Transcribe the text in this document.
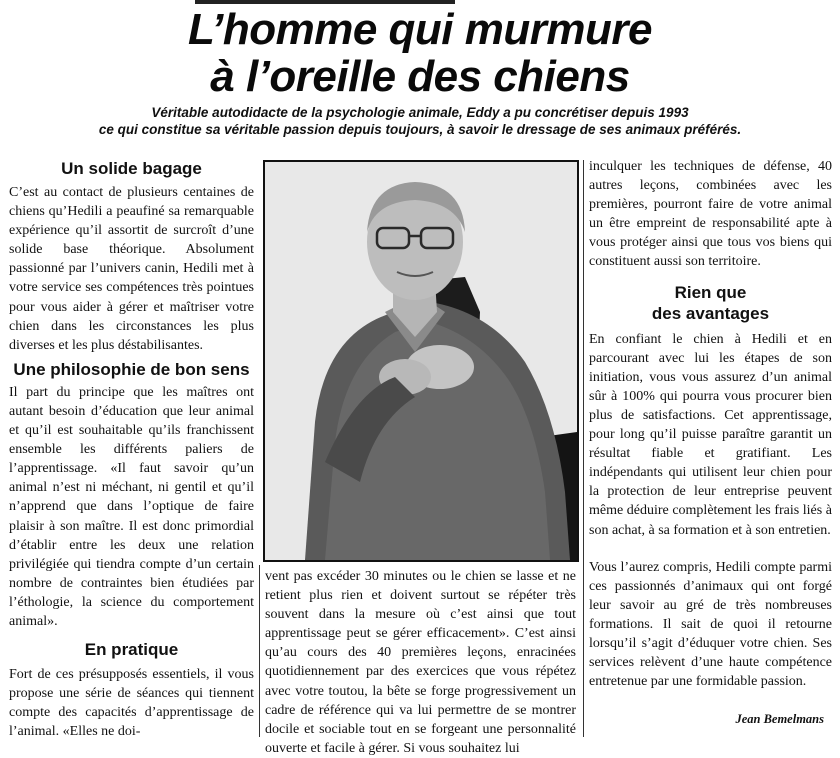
L’homme qui murmure
à l’oreille des chiens
Véritable autodidacte de la psychologie animale, Eddy a pu concrétiser depuis 1993
ce qui constitue sa véritable passion depuis toujours, à savoir le dressage de ses animaux préférés.
Un solide bagage

C’est au contact de plusieurs centaines de chiens qu’Hedili a peaufiné sa remarquable expérience qu’il assortit de surcroît d’une solide base théorique. Absolument passionné par l’univers canin, Hedili met à votre service ses compétences très pointues pour vous aider à gérer et maîtriser votre chien dans les circonstances les plus diverses et les plus déstabilisantes.

Une philosophie de bon sens

Il part du principe que les maîtres ont autant besoin d’éducation que leur animal et qu’il est souhaitable qu’ils franchissent ensemble les différents paliers de l’apprentissage. «Il faut savoir qu’un animal n’est ni méchant, ni gentil et qu’il n’apprend que dans l’optique de faire plaisir à son maître. Il est donc primordial d’établir entre les deux une relation privilégiée qui tiendra compte d’un certain nombre de contraintes bien étudiées par l’éthologie, la science du comportement animal».

En pratique

Fort de ces présupposés essentiels, il vous propose une série de séances qui tiennent compte des capacités d’apprentissage de l’animal. «Elles ne doi-

vent pas excéder 30 minutes ou le chien se lasse et ne retient plus rien et doivent surtout se répéter très souvent dans la mesure où c’est ainsi que tout apprentissage peut se gérer efficacement». C’est ainsi qu’au cours des 40 premières leçons, enracinées quotidiennement par des exercices que vous répétez avec votre toutou, la bête se forge progressivement un cadre de référence qui va lui permettre de se montrer docile et sociable tout en se forgeant une personnalité ouverte et facile à gérer. Si vous souhaitez lui

inculquer les techniques de défense, 40 autres leçons, combinées avec les premières, pourront faire de votre animal un être empreint de responsabilité apte à vous protéger ainsi que tous vos biens qui constituent aussi son territoire.

Rien que
des avantages

En confiant le chien à Hedili et en parcourant avec lui les étapes de son initiation, vous vous assurez d’un animal sûr à 100% qui pourra vous procurer bien plus de satisfactions. Cet apprentissage, pour long qu’il puisse paraître garantit un résultat fiable et gratifiant. Les indépendants qui utilisent leur chien pour la protection de leur entreprise peuvent même déduire complètement les frais liés à son achat, à sa formation et à son entretien.

Vous l’aurez compris, Hedili compte parmi ces passionnés d’animaux qui ont forgé leur savoir au gré de très nombreuses formations. Il sait de quoi il retourne lorsqu’il s’agit d’éduquer votre chien. Ses services relèvent d’une haute compétence entretenue par une formidable passion.

Jean Bemelmans
